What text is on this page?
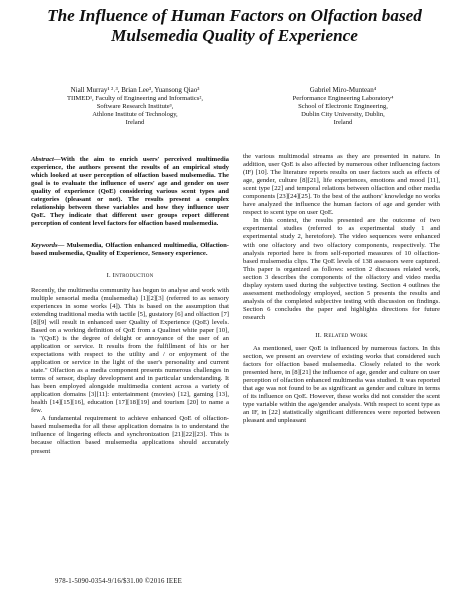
The Influence of Human Factors on Olfaction based Mulsemedia Quality of Experience
Niall Murray¹ ²˒³, Brian Lee³, Yuansong Qiao³
TIIMED¹, Faculty of Engineering and Informatics²,
Software Research Institute³,
Athlone Institute of Technology,
Ireland
Gabriel Miro-Muntean⁴
Performance Engineering Laboratory⁴
School of Electronic Engineering,
Dublin City University, Dublin,
Ireland
Abstract—With the aim to enrich users' perceived multimedia experience, the authors present the results of an empirical study which looked at user perception of olfaction based mulsemedia. The goal is to evaluate the influence of users' age and gender on user quality of experience (QoE) considering various scent types and categories (pleasant or not). The results present a complex relationship between these variables and how they influence user QoE. They indicate that different user groups report different perception of content level factors for olfaction based mulsemedia.
Keywords— Mulsemedia, Olfaction enhanced multimedia, Olfaction-based mulsemedia, Quality of Experience, Sensory experience.
I. Introduction

Recently, the multimedia community has begun to analyse and work with multiple sensorial media (mulsemedia) [1][2][3] (referred to as sensory experiences in some works [4]). This is based on the assumption that extending traditional media with tactile [5], gustatory [6] and olfaction [7][8][9] will result in enhanced user Quality of Experience (QoE) levels. Based on a working definition of QoE from a Qualinet white paper [10], is "(QoE) is the degree of delight or annoyance of the user of an application or service. It results from the fulfillment of his or her expectations with respect to the utility and / or enjoyment of the application or service in the light of the user's personality and current state." Olfaction as a media component presents numerous challenges in terms of sensor, display development and in particular understanding. It has been employed alongside multimedia content across a variety of application domains [3][11]: entertainment (movies) [12], gaming [13], health [14][15][16], education [17][18][19] and tourism [20] to name a few.

A fundamental requirement to achieve enhanced QoE of olfaction-based mulsemedia for all these application domains is to understand the influence of lingering effects and synchronization [21][22][23]. This is because olfaction based mulsemedia applications should accurately present

the various multimodal streams as they are presented in nature. In addition, user QoE is also affected by numerous other influencing factors (IF) [10]. The literature reports results on user factors such as effects of age, gender, culture [8][21], life experiences, emotions and mood [11], scent type [22] and temporal relations between olfaction and other media components [23][24][25]. To the best of the authors' knowledge no works have analyzed the influence the human factors of age and gender with respect to scent type on user QoE.

In this context, the results presented are the outcome of two experimental studies (referred to as experimental study 1 and experimental study 2, heretofore). The video sequences were enhanced with one olfactory and two olfactory components, respectively. The analysis reported here is from self-reported measures of 10 olfaction-based mulsemedia clips. The QoE levels of 138 assessors were captured. This paper is organized as follows: section 2 discusses related work, section 3 describes the components of the olfactory and video media display system used during the subjective testing. Section 4 outlines the assessment methodology employed, section 5 presents the results and analysis of the completed subjective testing with discussion on findings. Section 6 concludes the paper and highlights directions for future research

II. Related Work

As mentioned, user QoE is influenced by numerous factors. In this section, we present an overview of existing works that considered such factors for olfaction based mulsemedia. Closely related to the work presented here, in [8][21] the influence of age, gender and culture on user perception of olfaction enhanced multimedia was studied. It was reported that age was not found to be as significant as gender and culture in terms of its influence on QoE. However, these works did not consider the scent type variable within the age/gender analysis. With respect to scent type as an IF, in [22] statistically significant differences were reported between pleasant and unpleasant

978-1-5090-0354-9/16/$31.00 ©2016 IEEE
